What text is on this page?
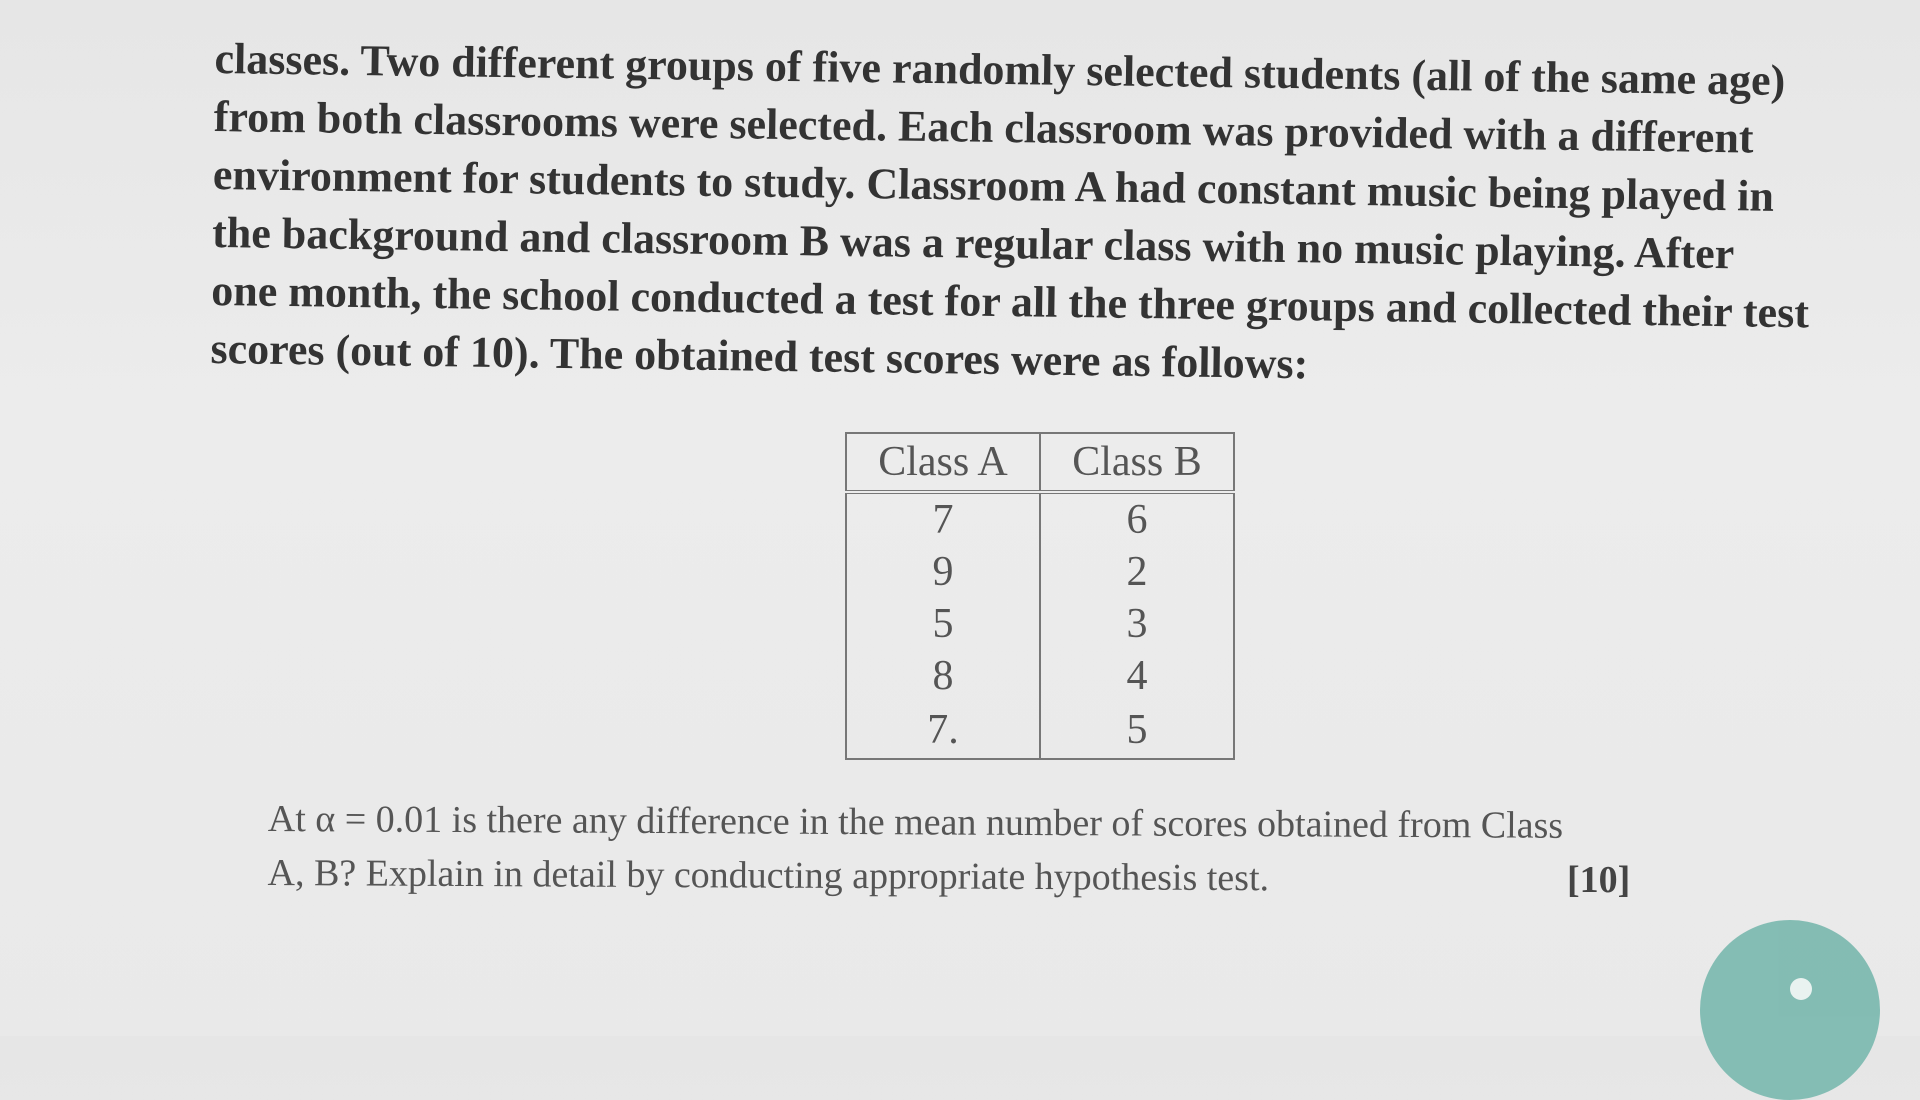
classes. Two different groups of five randomly selected students (all of the same age)
from both classrooms were selected. Each classroom was provided with a different
environment for students to study. Classroom A had constant music being played in
the background and classroom B was a regular class with no music playing. After
one month, the school conducted a test for all the three groups and collected their test
scores (out of 10). The obtained test scores were as follows:

Class A	Class B
7	6
9	2
5	3
8	4
7.	5

At α = 0.01 is there any difference in the mean number of scores obtained from Class
A, B? Explain in detail by conducting appropriate hypothesis test.	[10]
